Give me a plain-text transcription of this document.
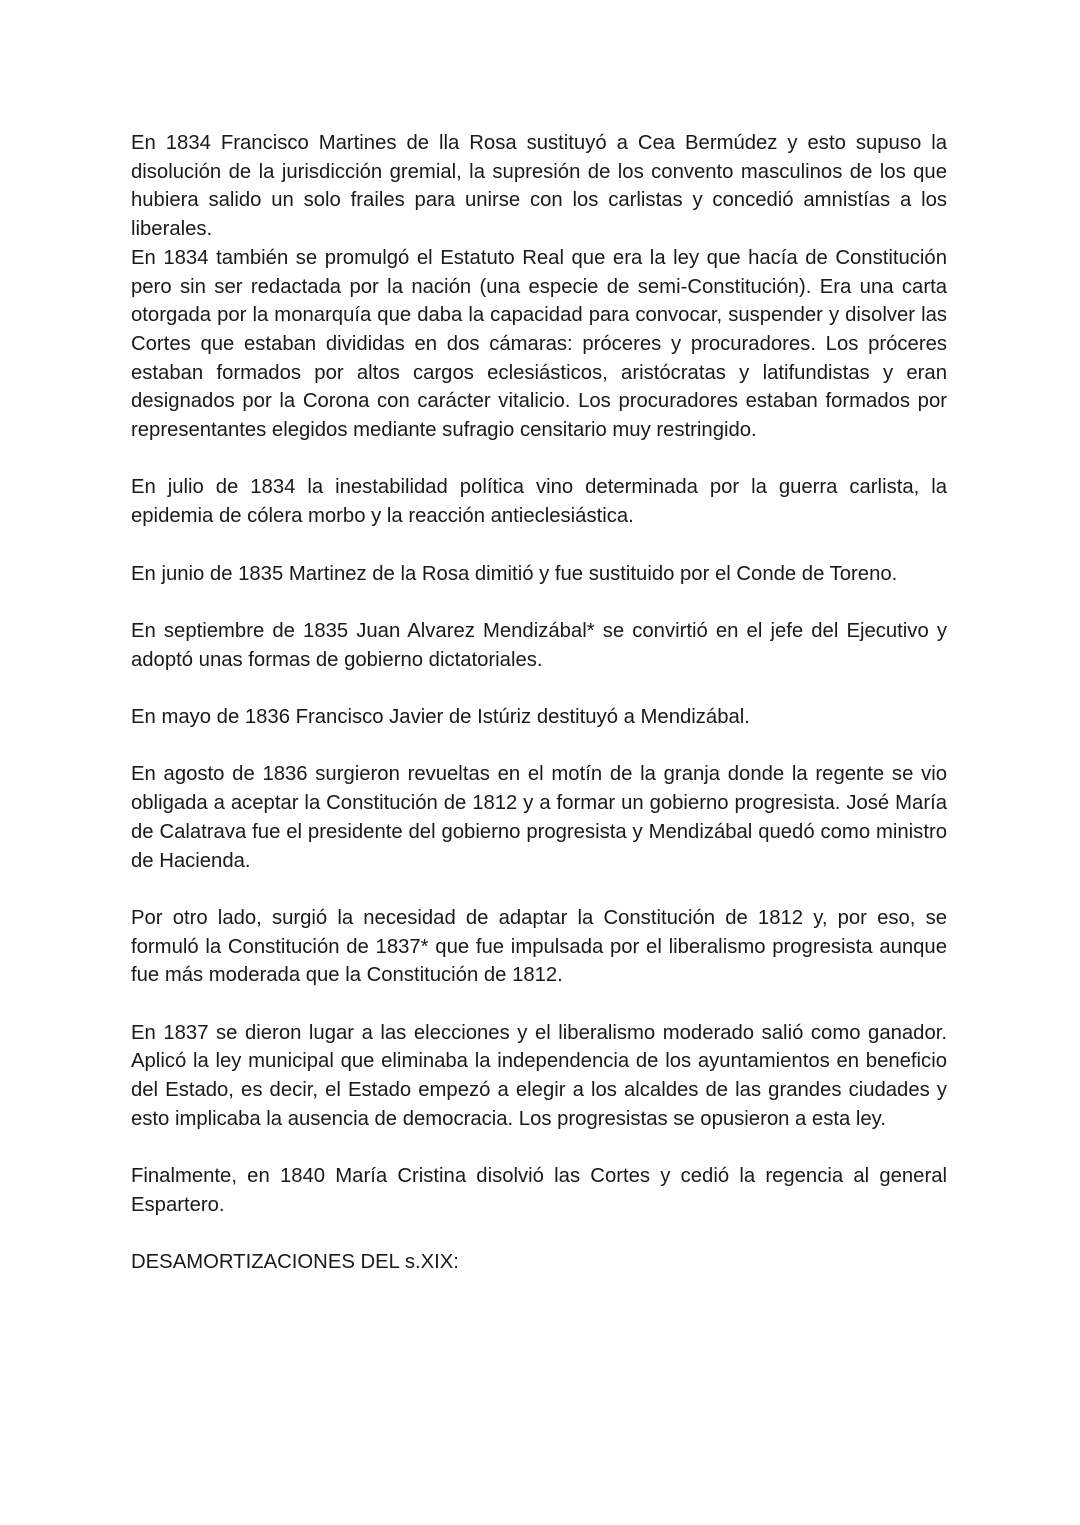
En 1834 Francisco Martines de lla Rosa sustituyó a Cea Bermúdez y esto supuso la disolución de la jurisdicción gremial, la supresión de los convento masculinos de los que hubiera salido un solo frailes para unirse con los carlistas y concedió amnistías a los liberales.

En 1834 también se promulgó el Estatuto Real que era la ley que hacía de Constitución pero sin ser redactada por la nación (una especie de semi-Constitución). Era una carta otorgada por la monarquía que daba la capacidad para convocar, suspender y disolver las Cortes que estaban divididas en dos cámaras: próceres y procuradores. Los próceres estaban formados por altos cargos eclesiásticos, aristócratas y latifundistas y eran designados por la Corona con carácter vitalicio. Los procuradores estaban formados por representantes elegidos mediante sufragio censitario muy restringido.

En julio de 1834 la inestabilidad política vino determinada por la guerra carlista, la epidemia de cólera morbo y la reacción antieclesiástica.

En junio de 1835 Martinez de la Rosa dimitió y fue sustituido por el Conde de Toreno.

En septiembre de 1835 Juan Alvarez Mendizábal* se convirtió en el jefe del Ejecutivo y adoptó unas formas de gobierno dictatoriales.

En mayo de 1836 Francisco Javier de Istúriz destituyó a Mendizábal.

En agosto de 1836 surgieron revueltas en el motín de la granja donde la regente se vio obligada a aceptar la Constitución de 1812 y a formar un gobierno progresista. José María de Calatrava fue el presidente del gobierno progresista y Mendizábal quedó como ministro de Hacienda.

Por otro lado, surgió la necesidad de adaptar la Constitución de 1812 y, por eso, se formuló la Constitución de 1837* que fue impulsada por el liberalismo progresista aunque fue más moderada que la Constitución de 1812.

En 1837 se dieron lugar a las elecciones y el liberalismo moderado salió como ganador. Aplicó la ley municipal que eliminaba la independencia de los ayuntamientos en beneficio del Estado, es decir, el Estado empezó a elegir a los alcaldes de las grandes ciudades y esto implicaba la ausencia de democracia. Los progresistas se opusieron a esta ley.

Finalmente, en 1840 María Cristina disolvió las Cortes y cedió la regencia al general Espartero.

DESAMORTIZACIONES DEL s.XIX:
